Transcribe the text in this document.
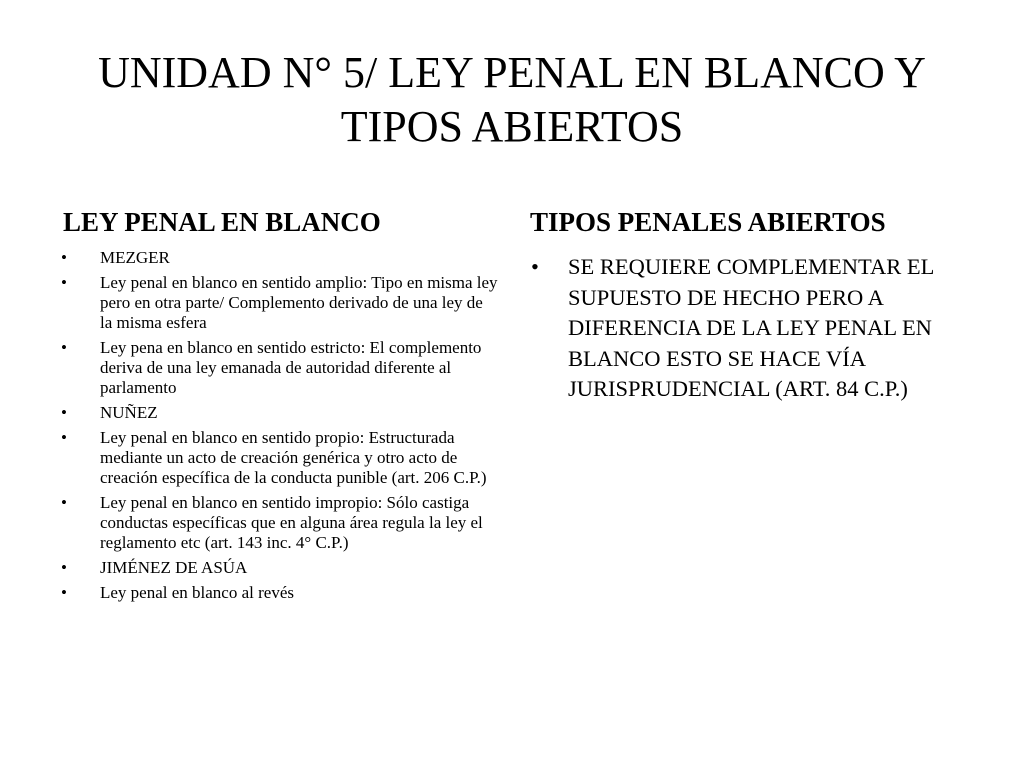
UNIDAD N° 5/ LEY PENAL EN BLANCO Y TIPOS ABIERTOS
LEY PENAL EN BLANCO	TIPOS PENALES ABIERTOS
• MEZGER
• Ley penal en blanco en sentido amplio: Tipo en misma ley pero en otra parte/ Complemento derivado de una ley de la misma esfera
• Ley pena en blanco en sentido estricto: El complemento deriva de una ley emanada de autoridad diferente al parlamento
• NUÑEZ
• Ley penal en blanco en sentido propio: Estructurada mediante un acto de creación genérica y otro acto de creación específica de la conducta punible (art. 206 C.P.)
• Ley penal en blanco en sentido impropio: Sólo castiga conductas específicas que en alguna área regula la ley el reglamento etc (art. 143 inc. 4° C.P.)
• JIMÉNEZ DE ASÚA
• Ley penal en blanco al revés
• SE REQUIERE COMPLEMENTAR EL SUPUESTO DE HECHO PERO A DIFERENCIA DE LA LEY PENAL EN BLANCO ESTO SE HACE VÍA JURISPRUDENCIAL (ART. 84 C.P.)
